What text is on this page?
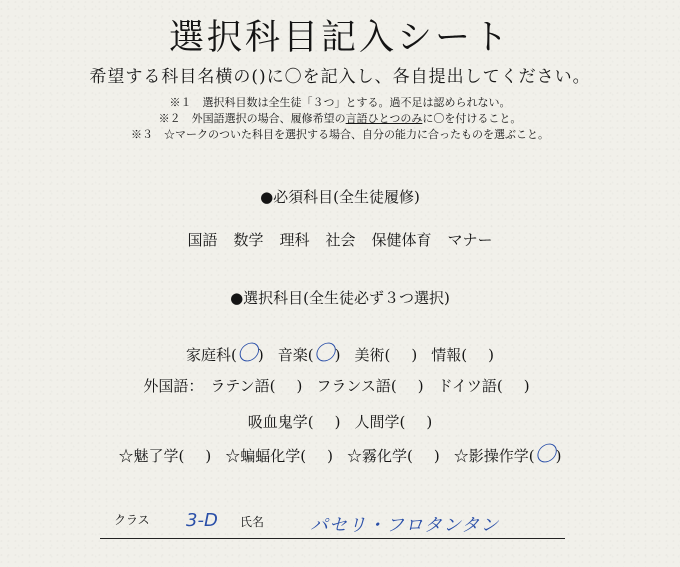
選択科目記入シート
希望する科目名横の()に〇を記入し、各自提出してください。
※１　選択科目数は全生徒「３つ」とする。過不足は認められない。
※２　外国語選択の場合、履修希望の言語ひとつのみに〇を付けること。
※３　☆マークのついた科目を選択する場合、自分の能力に合ったものを選ぶこと。
●必須科目(全生徒履修)
国語 数学 理科 社会 保健体育 マナー
●選択科目(全生徒必ず３つ選択)
家庭科(〇) 音楽(〇) 美術(　 ) 情報(　 )
外国語： ラテン語(　 ) フランス語(　 ) ドイツ語(　 )
吸血鬼学(　 ) 人間学(　 )
☆魅了学(　 ) ☆蝙蝠化学(　 ) ☆霧化学(　 ) ☆影操作学(〇)
クラス 3-D 氏名	パセリ・フロタンタン
